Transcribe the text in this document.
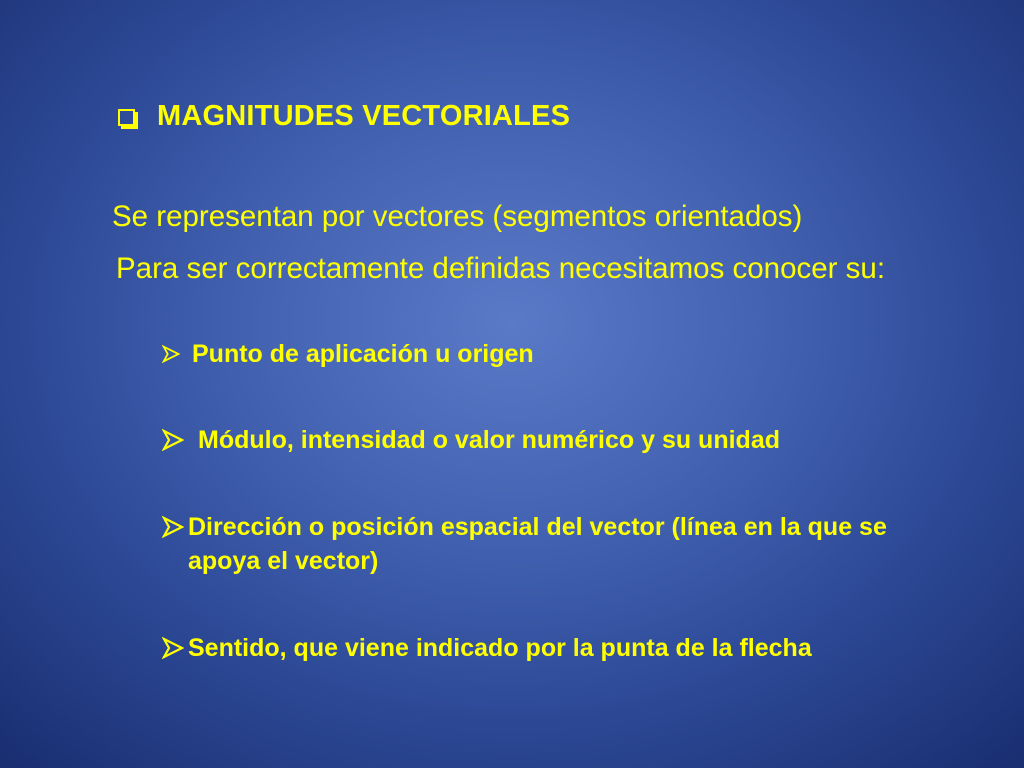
MAGNITUDES VECTORIALES
Se representan por vectores (segmentos orientados)
Para ser correctamente definidas necesitamos conocer su:
Punto de aplicación u origen
Módulo, intensidad o valor numérico y su unidad
Dirección o posición espacial del vector (línea en la que se apoya el vector)
Sentido, que viene indicado por la punta de la flecha
